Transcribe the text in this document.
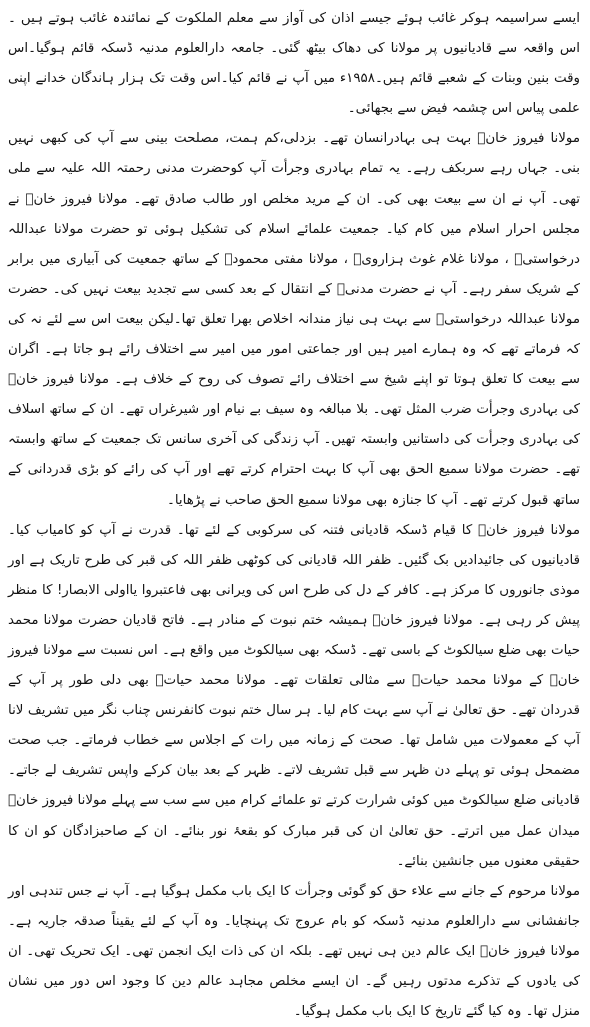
ایسے سراسیمہ ہوکر غائب ہوئے جیسے اذان کی آواز سے معلم الملکوت کے نمائندہ غائب ہوتے ہیں ۔اس واقعہ سے قادیانیوں پر مولانا کی دھاک بیٹھ گئی۔ جامعہ دارالعلوم مدنیہ ڈسکہ قائم ہوگیا۔اس وقت بنین وبنات کے شعبے قائم ہیں۔۱۹۵۸ء میں آپ نے قائم کیا۔اس وقت تک ہزار ہاندگان خدانے اپنی علمی پیاس اس چشمہ فیض سے بجھائی۔

مولانا فیروز خانؒ بہت ہی بہادرانسان تھے۔ بزدلی،کم ہمت، مصلحت بینی سے آپ کی کبھی نہیں بنی۔ جہاں رہے سربکف رہے۔ یہ تمام بہادری وجرأت آپ کوحضرت مدنی رحمتہ اللہ علیہ سے ملی تھی۔ آپ نے ان سے بیعت بھی کی۔ ان کے مرید مخلص اور طالب صادق تھے۔ مولانا فیروز خانؒ نے مجلس احرار اسلام میں کام کیا۔ جمعیت علمائے اسلام کی تشکیل ہوئی تو حضرت مولانا عبداللہ درخواستیؒ ، مولانا غلام غوث ہزارویؒ ، مولانا مفتی محمودؒ کے ساتھ جمعیت کی آبیاری میں برابر کے شریک سفر رہے۔ آپ نے حضرت مدنیؒ کے انتقال کے بعد کسی سے تجدید بیعت نہیں کی۔ حضرت مولانا عبداللہ درخواستیؒ سے بہت ہی نیاز مندانہ اخلاص بھرا تعلق تھا۔لیکن بیعت اس سے لئے نہ کی کہ فرماتے تھے کہ وہ ہمارے امیر ہیں اور جماعتی امور میں امیر سے اختلاف رائے ہو جاتا ہے۔ اگران سے بیعت کا تعلق ہوتا تو اپنے شیخ سے اختلاف رائے تصوف کی روح کے خلاف ہے۔ مولانا فیروز خانؒ کی بہادری وجرأت ضرب المثل تھی۔ بلا مبالغہ وہ سیف بے نیام اور شیرغراں تھے۔ ان کے ساتھ اسلاف کی بہادری وجرأت کی داستانیں وابستہ تھیں۔ آپ زندگی کی آخری سانس تک جمعیت کے ساتھ وابستہ تھے۔ حضرت مولانا سمیع الحق بھی آپ کا بہت احترام کرتے تھے اور آپ کی رائے کو بڑی قدردانی کے ساتھ قبول کرتے تھے۔ آپ کا جنازہ بھی مولانا سمیع الحق صاحب نے پڑھایا۔

مولانا فیروز خانؒ کا قیام ڈسکہ قادیانی فتنہ کی سرکوبی کے لئے تھا۔ قدرت نے آپ کو کامیاب کیا۔ قادیانیوں کی جائیدادیں بک گئیں۔ ظفر اللہ قادیانی کی کوٹھی ظفر اللہ کی قبر کی طرح تاریک ہے اور موذی جانوروں کا مرکز ہے۔ کافر کے دل کی طرح اس کی ویرانی بھی فاعتبروا یااولی الابصار! کا منظر پیش کر رہی ہے۔ مولانا فیروز خانؒ ہمیشہ ختم نبوت کے منادر ہے۔ فاتح قادیان حضرت مولانا محمد حیات بھی ضلع سیالکوٹ کے باسی تھے۔ ڈسکہ بھی سیالکوٹ میں واقع ہے۔ اس نسبت سے مولانا فیروز خانؒ کے مولانا محمد حیاتؒ سے مثالی تعلقات تھے۔ مولانا محمد حیاتؒ بھی دلی طور پر آپ کے قدردان تھے۔ حق تعالیٰ نے آپ سے بہت کام لیا۔ ہر سال ختم نبوت کانفرنس چناب نگر میں تشریف لانا آپ کے معمولات میں شامل تھا۔ صحت کے زمانہ میں رات کے اجلاس سے خطاب فرماتے۔ جب صحت مضمحل ہوئی تو پہلے دن ظہر سے قبل تشریف لاتے۔ ظہر کے بعد بیان کرکے واپس تشریف لے جاتے۔ قادیانی ضلع سیالکوٹ میں کوئی شرارت کرتے تو علمائے کرام میں سے سب سے پہلے مولانا فیروز خانؒ میدان عمل میں اترتے۔ حق تعالیٰ ان کی قبر مبارک کو بقعۂ نور بنائے۔ ان کے صاحبزادگان کو ان کا حقیقی معنوں میں جانشین بنائے۔

مولانا مرحوم کے جانے سے علاء حق کو گوئی وجرأت کا ایک باب مکمل ہوگیا ہے۔ آپ نے جس تندہی اور جانفشانی سے دارالعلوم مدنیہ ڈسکہ کو بام عروج تک پہنچایا۔ وہ آپ کے لئے یقیناً صدقہ جاریہ ہے۔ مولانا فیروز خانؒ ایک عالم دین ہی نہیں تھے۔ بلکہ ان کی ذات ایک انجمن تھی۔ ایک تحریک تھی۔ ان کی یادوں کے تذکرے مدتوں رہیں گے۔ ان ایسے مخلص مجاہد عالم دین کا وجود اس دور میں نشان منزل تھا۔ وہ کیا گئے تاریخ کا ایک باب مکمل ہوگیا۔
